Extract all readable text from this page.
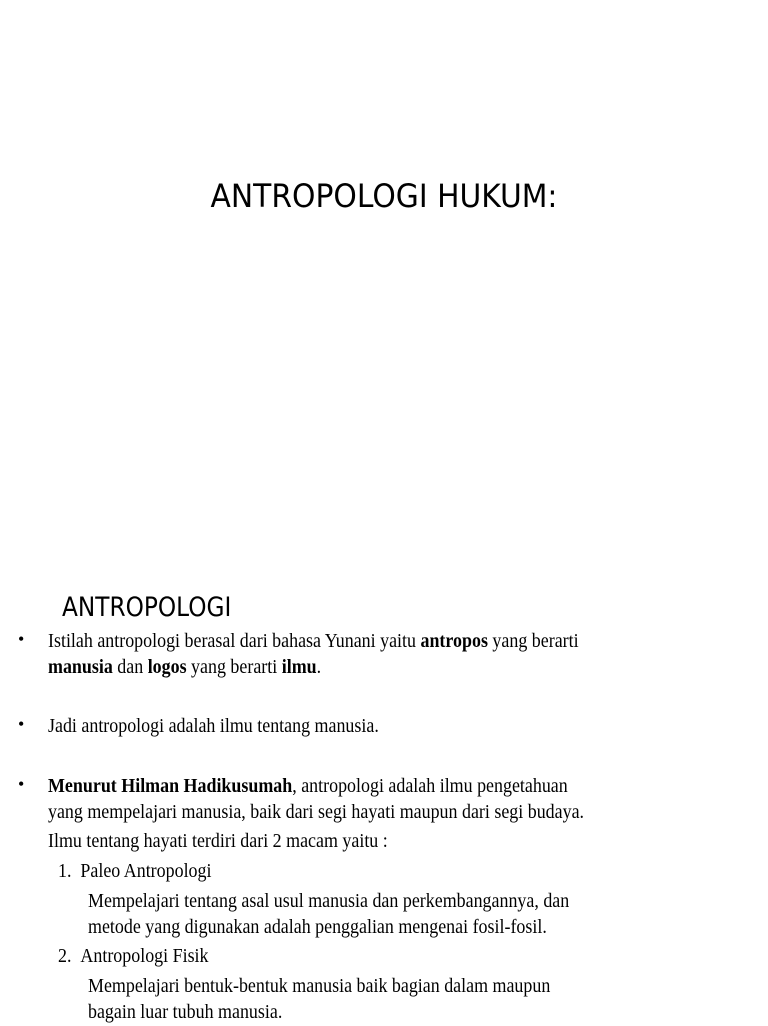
ANTROPOLOGI HUKUM:
ANTROPOLOGI
• Istilah antropologi berasal dari bahasa Yunani yaitu antropos yang berarti
manusia dan logos yang berarti ilmu.
• Jadi antropologi adalah ilmu tentang manusia.
• Menurut Hilman Hadikusumah, antropologi adalah ilmu pengetahuan
yang mempelajari manusia, baik dari segi hayati maupun dari segi budaya.
Ilmu tentang hayati terdiri dari 2 macam yaitu :
1. Paleo Antropologi
Mempelajari tentang asal usul manusia dan perkembangannya, dan
metode yang digunakan adalah penggalian mengenai fosil-fosil.
2. Antropologi Fisik
Mempelajari bentuk-bentuk manusia baik bagian dalam maupun
bagain luar tubuh manusia.
